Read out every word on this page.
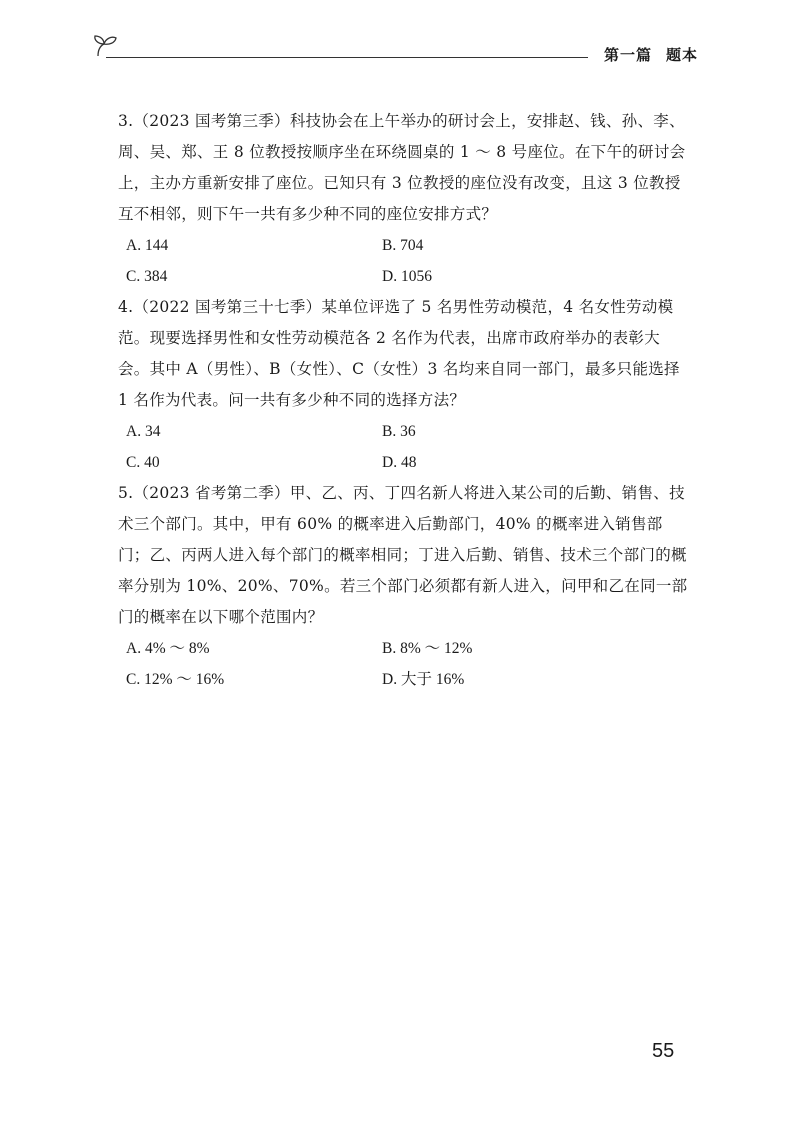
第一篇 题本
3.（2023 国考第三季）科技协会在上午举办的研讨会上，安排赵、钱、孙、李、周、吴、郑、王 8 位教授按顺序坐在环绕圆桌的 1 ～ 8 号座位。在下午的研讨会上，主办方重新安排了座位。已知只有 3 位教授的座位没有改变，且这 3 位教授互不相邻，则下午一共有多少种不同的座位安排方式？
A. 144	B. 704
C. 384	D. 1056
4.（2022 国考第三十七季）某单位评选了 5 名男性劳动模范，4 名女性劳动模范。现要选择男性和女性劳动模范各 2 名作为代表，出席市政府举办的表彰大会。其中 A（男性）、B（女性）、C（女性）3 名均来自同一部门，最多只能选择 1 名作为代表。问一共有多少种不同的选择方法？
A. 34	B. 36
C. 40	D. 48
5.（2023 省考第二季）甲、乙、丙、丁四名新人将进入某公司的后勤、销售、技术三个部门。其中，甲有 60% 的概率进入后勤部门，40% 的概率进入销售部门；乙、丙两人进入每个部门的概率相同；丁进入后勤、销售、技术三个部门的概率分别为 10%、20%、70%。若三个部门必须都有新人进入，问甲和乙在同一部门的概率在以下哪个范围内？
A. 4% ～ 8%	B. 8% ～ 12%
C. 12% ～ 16%	D. 大于 16%
55
